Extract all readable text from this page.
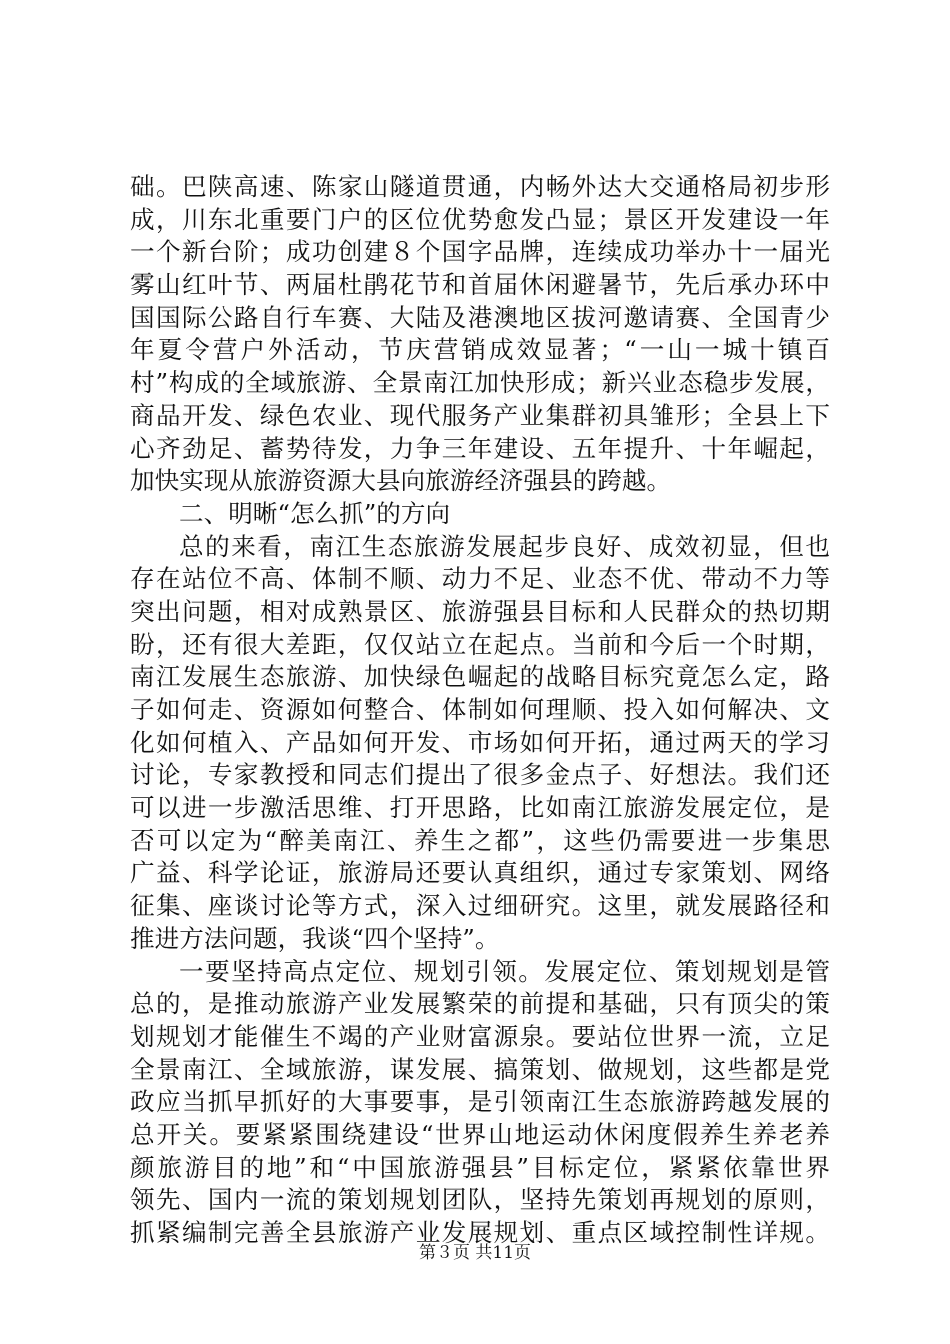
础。巴陕高速、陈家山隧道贯通，内畅外达大交通格局初步形
成，川东北重要门户的区位优势愈发凸显；景区开发建设一年
一个新台阶；成功创建８个国字品牌，连续成功举办十一届光
雾山红叶节、两届杜鹃花节和首届休闲避暑节，先后承办环中
国国际公路自行车赛、大陆及港澳地区拔河邀请赛、全国青少
年夏令营户外活动，节庆营销成效显著；“一山一城十镇百
村”构成的全域旅游、全景南江加快形成；新兴业态稳步发展，
商品开发、绿色农业、现代服务产业集群初具雏形；全县上下
心齐劲足、蓄势待发，力争三年建设、五年提升、十年崛起，
加快实现从旅游资源大县向旅游经济强县的跨越。
二、明晰“怎么抓”的方向
总的来看，南江生态旅游发展起步良好、成效初显，但也
存在站位不高、体制不顺、动力不足、业态不优、带动不力等
突出问题，相对成熟景区、旅游强县目标和人民群众的热切期
盼，还有很大差距，仅仅站立在起点。当前和今后一个时期，
南江发展生态旅游、加快绿色崛起的战略目标究竟怎么定，路
子如何走、资源如何整合、体制如何理顺、投入如何解决、文
化如何植入、产品如何开发、市场如何开拓，通过两天的学习
讨论，专家教授和同志们提出了很多金点子、好想法。我们还
可以进一步激活思维、打开思路，比如南江旅游发展定位，是
否可以定为“醉美南江、养生之都”，这些仍需要进一步集思
广益、科学论证，旅游局还要认真组织，通过专家策划、网络
征集、座谈讨论等方式，深入过细研究。这里，就发展路径和
推进方法问题，我谈“四个坚持”。
一要坚持高点定位、规划引领。发展定位、策划规划是管
总的，是推动旅游产业发展繁荣的前提和基础，只有顶尖的策
划规划才能催生不竭的产业财富源泉。要站位世界一流，立足
全景南江、全域旅游，谋发展、搞策划、做规划，这些都是党
政应当抓早抓好的大事要事，是引领南江生态旅游跨越发展的
总开关。要紧紧围绕建设“世界山地运动休闲度假养生养老养
颜旅游目的地”和“中国旅游强县”目标定位，紧紧依靠世界
领先、国内一流的策划规划团队，坚持先策划再规划的原则，
抓紧编制完善全县旅游产业发展规划、重点区域控制性详规。
第３页 共11页
